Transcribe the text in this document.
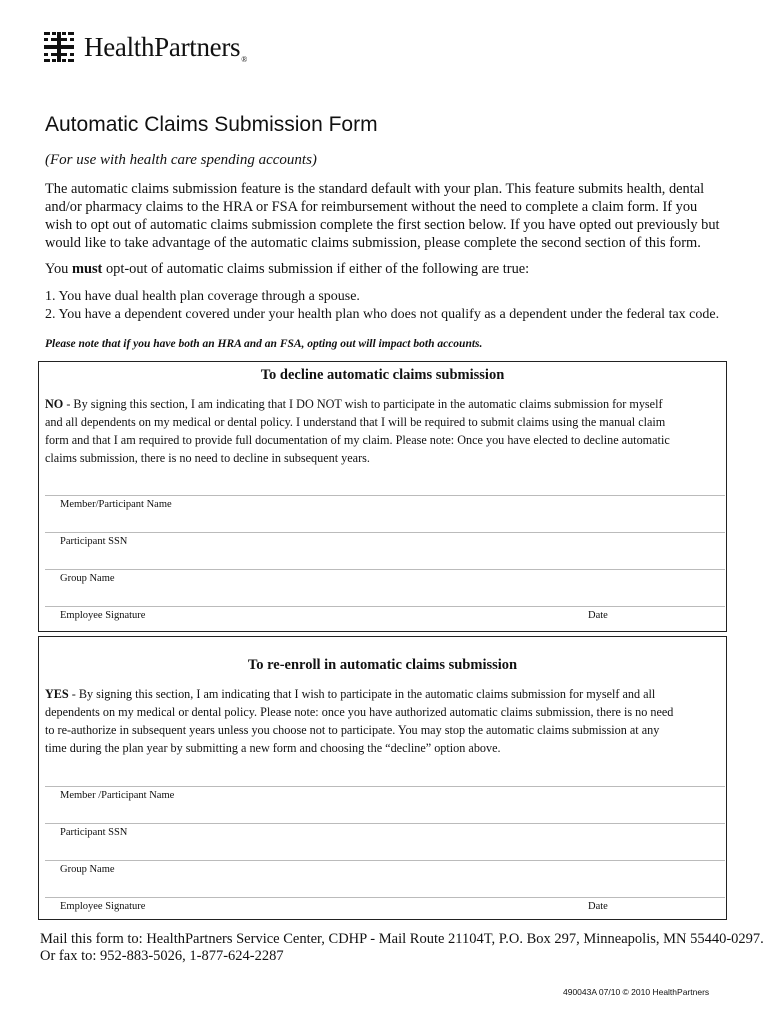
HealthPartners ®
Automatic Claims Submission Form
(For use with health care spending accounts)
The automatic claims submission feature is the standard default with your plan. This feature submits health, dental
and/or pharmacy claims to the HRA or FSA for reimbursement without the need to complete a claim form. If you
wish to opt out of automatic claims submission complete the first section below. If you have opted out previously but
would like to take advantage of the automatic claims submission, please complete the second section of this form.
You must opt-out of automatic claims submission if either of the following are true:
1. You have dual health plan coverage through a spouse.
2. You have a dependent covered under your health plan who does not qualify as a dependent under the federal tax code.
Please note that if you have both an HRA and an FSA, opting out will impact both accounts.
To decline automatic claims submission
NO - By signing this section, I am indicating that I DO NOT wish to participate in the automatic claims submission for myself
and all dependents on my medical or dental policy. I understand that I will be required to submit claims using the manual claim
form and that I am required to provide full documentation of my claim. Please note: Once you have elected to decline automatic
claims submission, there is no need to decline in subsequent years.
Member/Participant Name
Participant SSN
Group Name
Employee Signature	Date
To re-enroll in automatic claims submission
YES - By signing this section, I am indicating that I wish to participate in the automatic claims submission for myself and all
dependents on my medical or dental policy. Please note: once you have authorized automatic claims submission, there is no need
to re-authorize in subsequent years unless you choose not to participate. You may stop the automatic claims submission at any
time during the plan year by submitting a new form and choosing the “decline” option above.
Member /Participant Name
Participant SSN
Group Name
Employee Signature	Date
Mail this form to: HealthPartners Service Center, CDHP - Mail Route 21104T, P.O. Box 297, Minneapolis, MN 55440-0297.
Or fax to: 952-883-5026, 1-877-624-2287
490043A 07/10 © 2010 HealthPartners
